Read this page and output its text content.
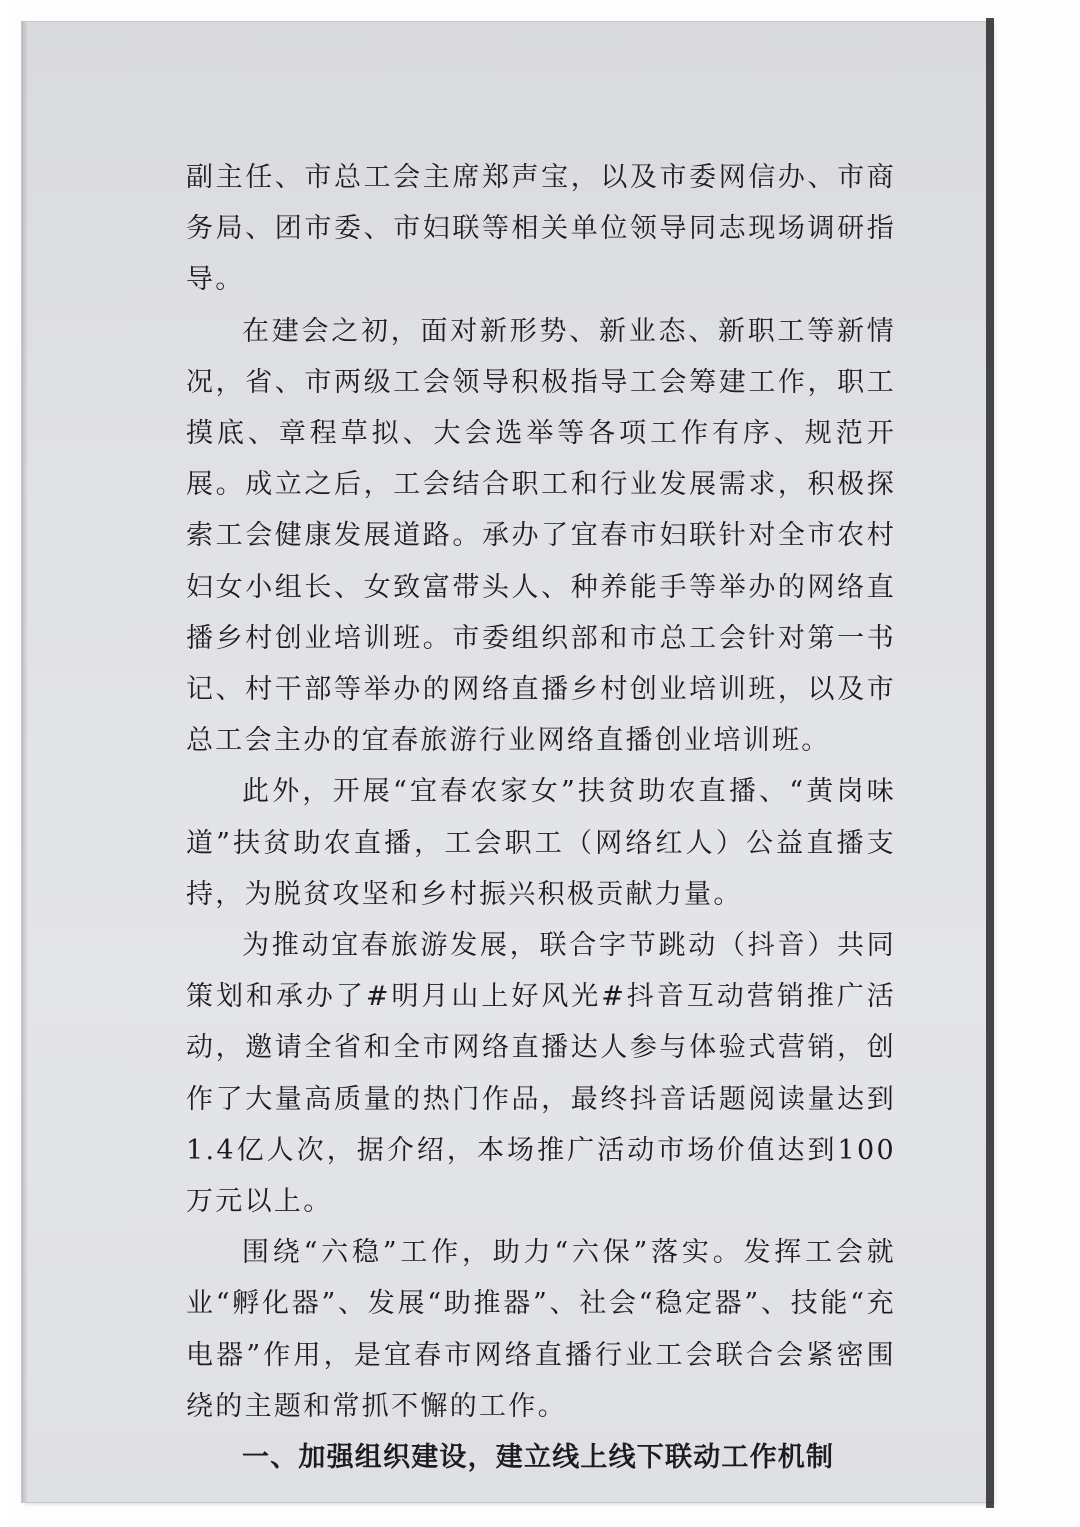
副主任、市总工会主席郑声宝，以及市委网信办、市商务局、团市委、市妇联等相关单位领导同志现场调研指导。

在建会之初，面对新形势、新业态、新职工等新情况，省、市两级工会领导积极指导工会筹建工作，职工摸底、章程草拟、大会选举等各项工作有序、规范开展。成立之后，工会结合职工和行业发展需求，积极探索工会健康发展道路。承办了宜春市妇联针对全市农村妇女小组长、女致富带头人、种养能手等举办的网络直播乡村创业培训班。市委组织部和市总工会针对第一书记、村干部等举办的网络直播乡村创业培训班，以及市总工会主办的宜春旅游行业网络直播创业培训班。

此外，开展“宜春农家女”扶贫助农直播、“黄岗味道”扶贫助农直播，工会职工（网络红人）公益直播支持，为脱贫攻坚和乡村振兴积极贡献力量。

为推动宜春旅游发展，联合字节跳动（抖音）共同策划和承办了#明月山上好风光#抖音互动营销推广活动，邀请全省和全市网络直播达人参与体验式营销，创作了大量高质量的热门作品，最终抖音话题阅读量达到1.4亿人次，据介绍，本场推广活动市场价值达到100万元以上。

围绕“六稳”工作，助力“六保”落实。发挥工会就业“孵化器”、发展“助推器”、社会“稳定器”、技能“充电器”作用，是宜春市网络直播行业工会联合会紧密围绕的主题和常抓不懈的工作。

一、加强组织建设，建立线上线下联动工作机制
